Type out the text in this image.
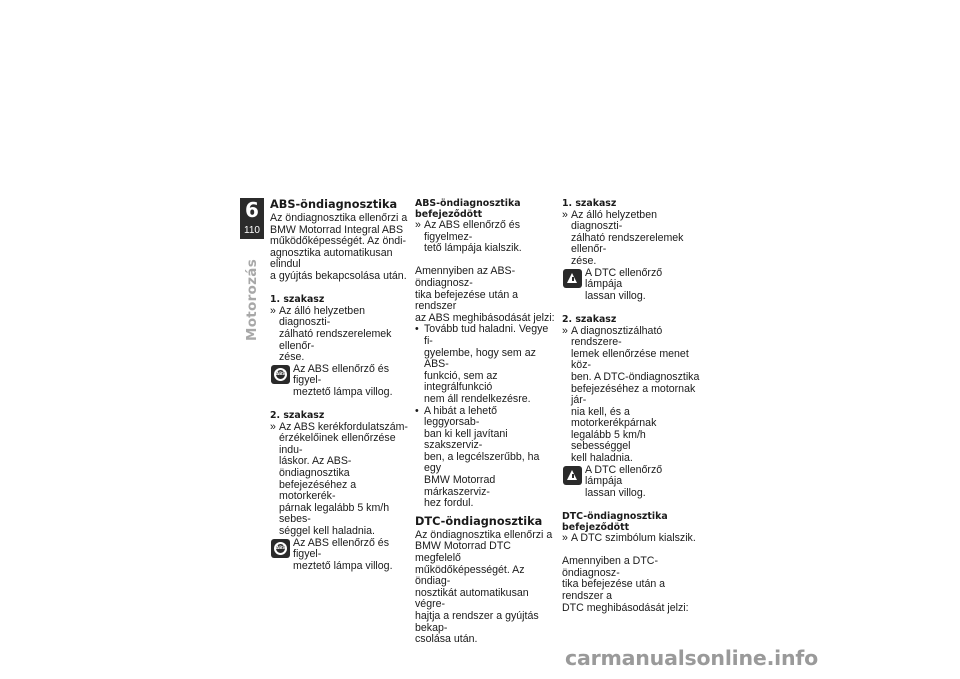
6
110
Motorozás
ABS-öndiagnosztika

Az öndiagnosztika ellenőrzi a
BMW Motorrad Integral ABS
működőképességét. Az öndi-
agnosztika automatikusan elindul
a gyújtás bekapcsolása után.

1. szakasz
» Az álló helyzetben diagnoszti-
zálható rendszerelemek ellenőr-
zése.
ABS
Az ABS ellenőrző és figyel-
meztető lámpa villog.
2. szakasz
» Az ABS kerékfordulatszám-
érzékelőinek ellenőrzése indu-
láskor. Az ABS-öndiagnosztika
befejezéséhez a motorkerék-
párnak legalább 5 km/h sebes-
séggel kell haladnia.
ABS
Az ABS ellenőrző és figyel-
meztető lámpa villog.
ABS-öndiagnosztika
befejeződött
» Az ABS ellenőrző és figyelmez-
tető lámpája kialszik.

Amennyiben az ABS-öndiagnosz-
tika befejezése után a rendszer
az ABS meghibásodását jelzi:

• Tovább tud haladni. Vegye fi-
gyelembe, hogy sem az ABS-
funkció, sem az integrálfunkció
nem áll rendelkezésre.
• A hibát a lehető leggyorsab-
ban ki kell javítani szakszerviz-
ben, a legcélszerűbb, ha egy
BMW Motorrad márkaszerviz-
hez fordul.
DTC-öndiagnosztika

Az öndiagnosztika ellenőrzi a
BMW Motorrad DTC megfelelő
működőképességét. Az öndiag-
nosztikát automatikusan végre-
hajtja a rendszer a gyújtás bekap-
csolása után.

1. szakasz
» Az álló helyzetben diagnoszti-
zálható rendszerelemek ellenőr-
zése.
A DTC ellenőrző lámpája
lassan villog.
2. szakasz
» A diagnosztizálható rendszere-
lemek ellenőrzése menet köz-
ben. A DTC-öndiagnosztika
befejezéséhez a motornak jár-
nia kell, és a motorkerékpárnak
legalább 5 km/h sebességgel
kell haladnia.
A DTC ellenőrző lámpája
lassan villog.
DTC-öndiagnosztika
befejeződött
» A DTC szimbólum kialszik.

Amennyiben a DTC-öndiagnosz-
tika befejezése után a rendszer a
DTC meghibásodását jelzi:

carmanualsonline.info
